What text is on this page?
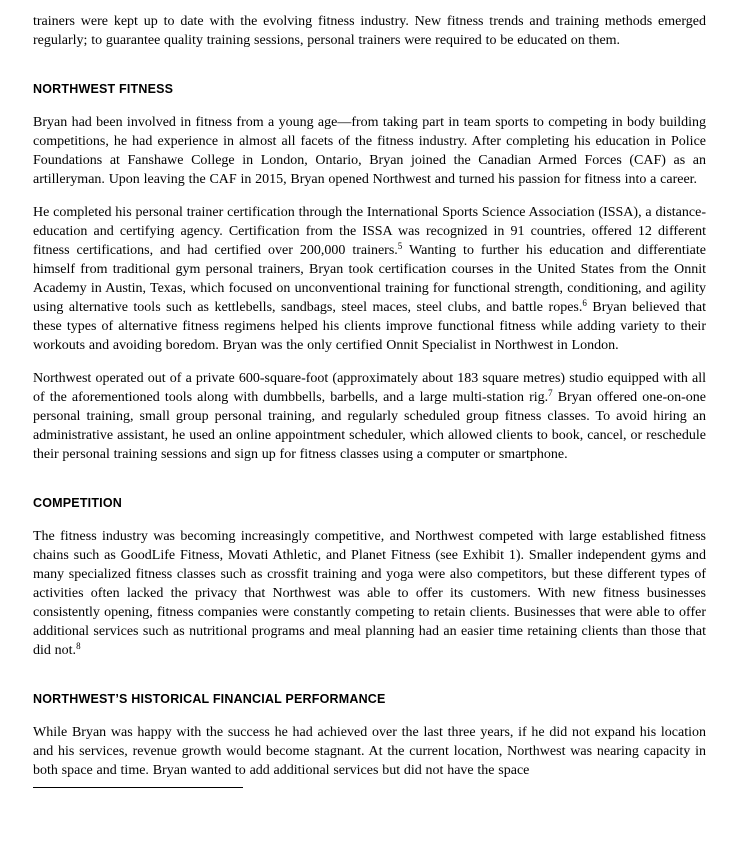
trainers were kept up to date with the evolving fitness industry. New fitness trends and training methods emerged regularly; to guarantee quality training sessions, personal trainers were required to be educated on them.

NORTHWEST FITNESS

Bryan had been involved in fitness from a young age—from taking part in team sports to competing in body building competitions, he had experience in almost all facets of the fitness industry. After completing his education in Police Foundations at Fanshawe College in London, Ontario, Bryan joined the Canadian Armed Forces (CAF) as an artilleryman. Upon leaving the CAF in 2015, Bryan opened Northwest and turned his passion for fitness into a career.

He completed his personal trainer certification through the International Sports Science Association (ISSA), a distance-education and certifying agency. Certification from the ISSA was recognized in 91 countries, offered 12 different fitness certifications, and had certified over 200,000 trainers.$^5$ Wanting to further his education and differentiate himself from traditional gym personal trainers, Bryan took certification courses in the United States from the Onnit Academy in Austin, Texas, which focused on unconventional training for functional strength, conditioning, and agility using alternative tools such as kettlebells, sandbags, steel maces, steel clubs, and battle ropes.$^6$ Bryan believed that these types of alternative fitness regimens helped his clients improve functional fitness while adding variety to their workouts and avoiding boredom. Bryan was the only certified Onnit Specialist in Northwest in London.

Northwest operated out of a private 600-square-foot (approximately about 183 square metres) studio equipped with all of the aforementioned tools along with dumbbells, barbells, and a large multi-station rig.$^7$ Bryan offered one-on-one personal training, small group personal training, and regularly scheduled group fitness classes. To avoid hiring an administrative assistant, he used an online appointment scheduler, which allowed clients to book, cancel, or reschedule their personal training sessions and sign up for fitness classes using a computer or smartphone.

COMPETITION

The fitness industry was becoming increasingly competitive, and Northwest competed with large established fitness chains such as GoodLife Fitness, Movati Athletic, and Planet Fitness (see Exhibit 1). Smaller independent gyms and many specialized fitness classes such as crossfit training and yoga were also competitors, but these different types of activities often lacked the privacy that Northwest was able to offer its customers. With new fitness businesses consistently opening, fitness companies were constantly competing to retain clients. Businesses that were able to offer additional services such as nutritional programs and meal planning had an easier time retaining clients than those that did not.$^8$

NORTHWEST’S HISTORICAL FINANCIAL PERFORMANCE

While Bryan was happy with the success he had achieved over the last three years, if he did not expand his location and his services, revenue growth would become stagnant. At the current location, Northwest was nearing capacity in both space and time. Bryan wanted to add additional services but did not have the space
